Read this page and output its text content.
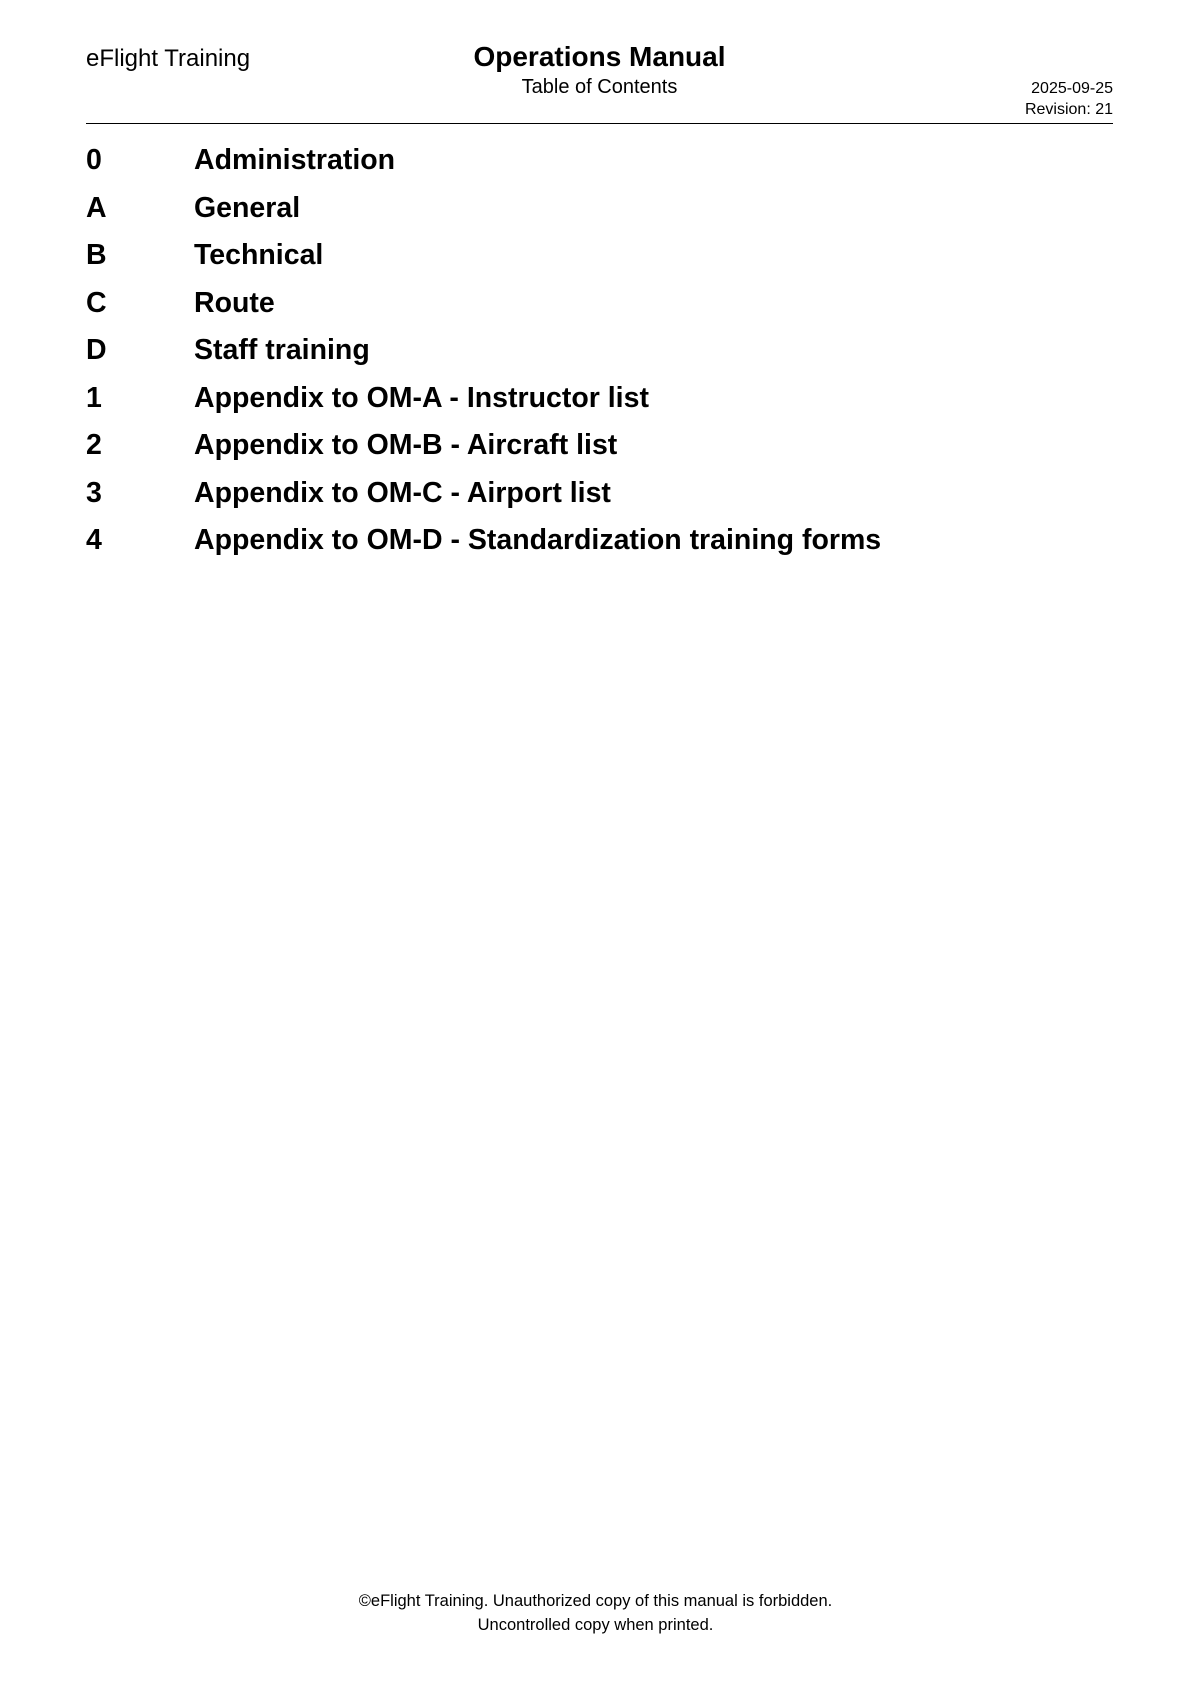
eFlight Training	Operations Manual
Table of Contents	2025-09-25
Revision: 21
0	Administration
A	General
B	Technical
C	Route
D	Staff training
1	Appendix to OM-A - Instructor list
2	Appendix to OM-B - Aircraft list
3	Appendix to OM-C - Airport list
4	Appendix to OM-D - Standardization training forms
©eFlight Training. Unauthorized copy of this manual is forbidden.
Uncontrolled copy when printed.
